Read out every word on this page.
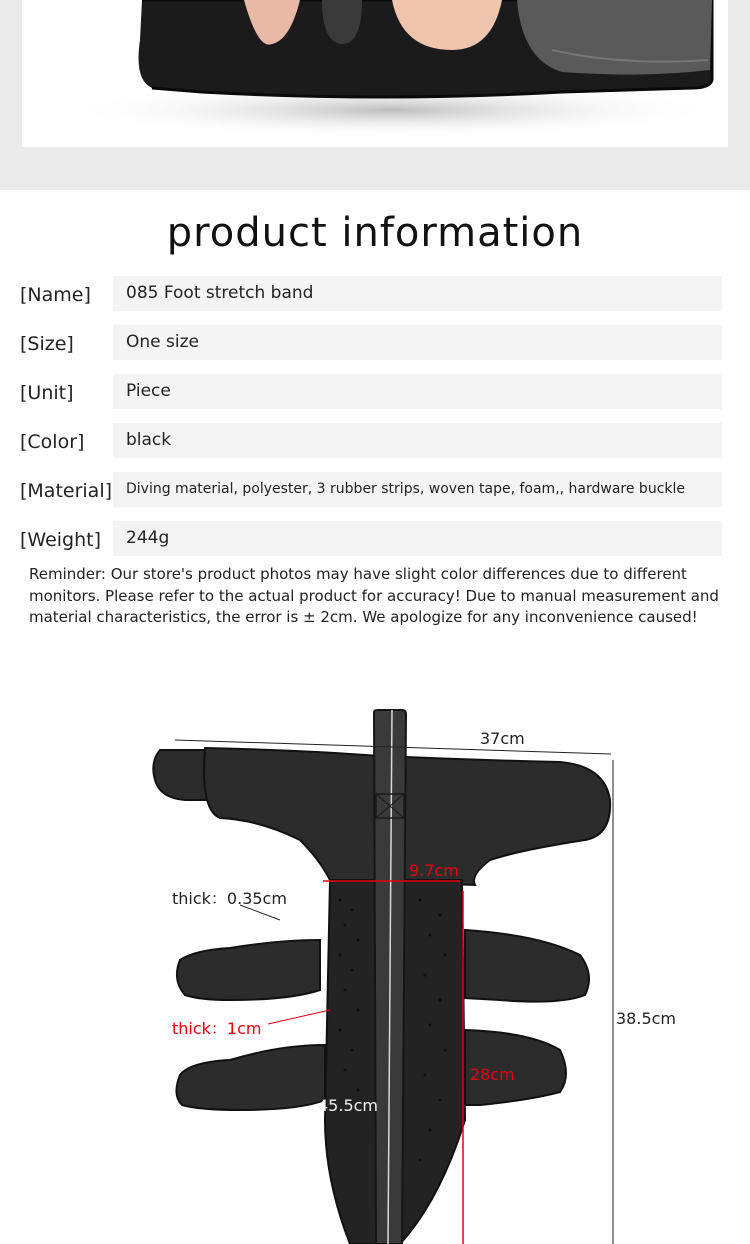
product information
[Name]	085 Foot stretch band
[Size]	One size
[Unit]	Piece
[Color]	black
[Material] Diving material, polyester, 3 rubber strips, woven tape, foam,, hardware buckle
[Weight]	244g
Reminder: Our store's product photos may have slight color differences due to different monitors. Please refer to the actual product for accuracy! Due to manual measurement and material characteristics, the error is ± 2cm. We apologize for any inconvenience caused!
37cm
thick：0.35cm
9.7cm
thick：1cm
38.5cm
28cm
45.5cm
